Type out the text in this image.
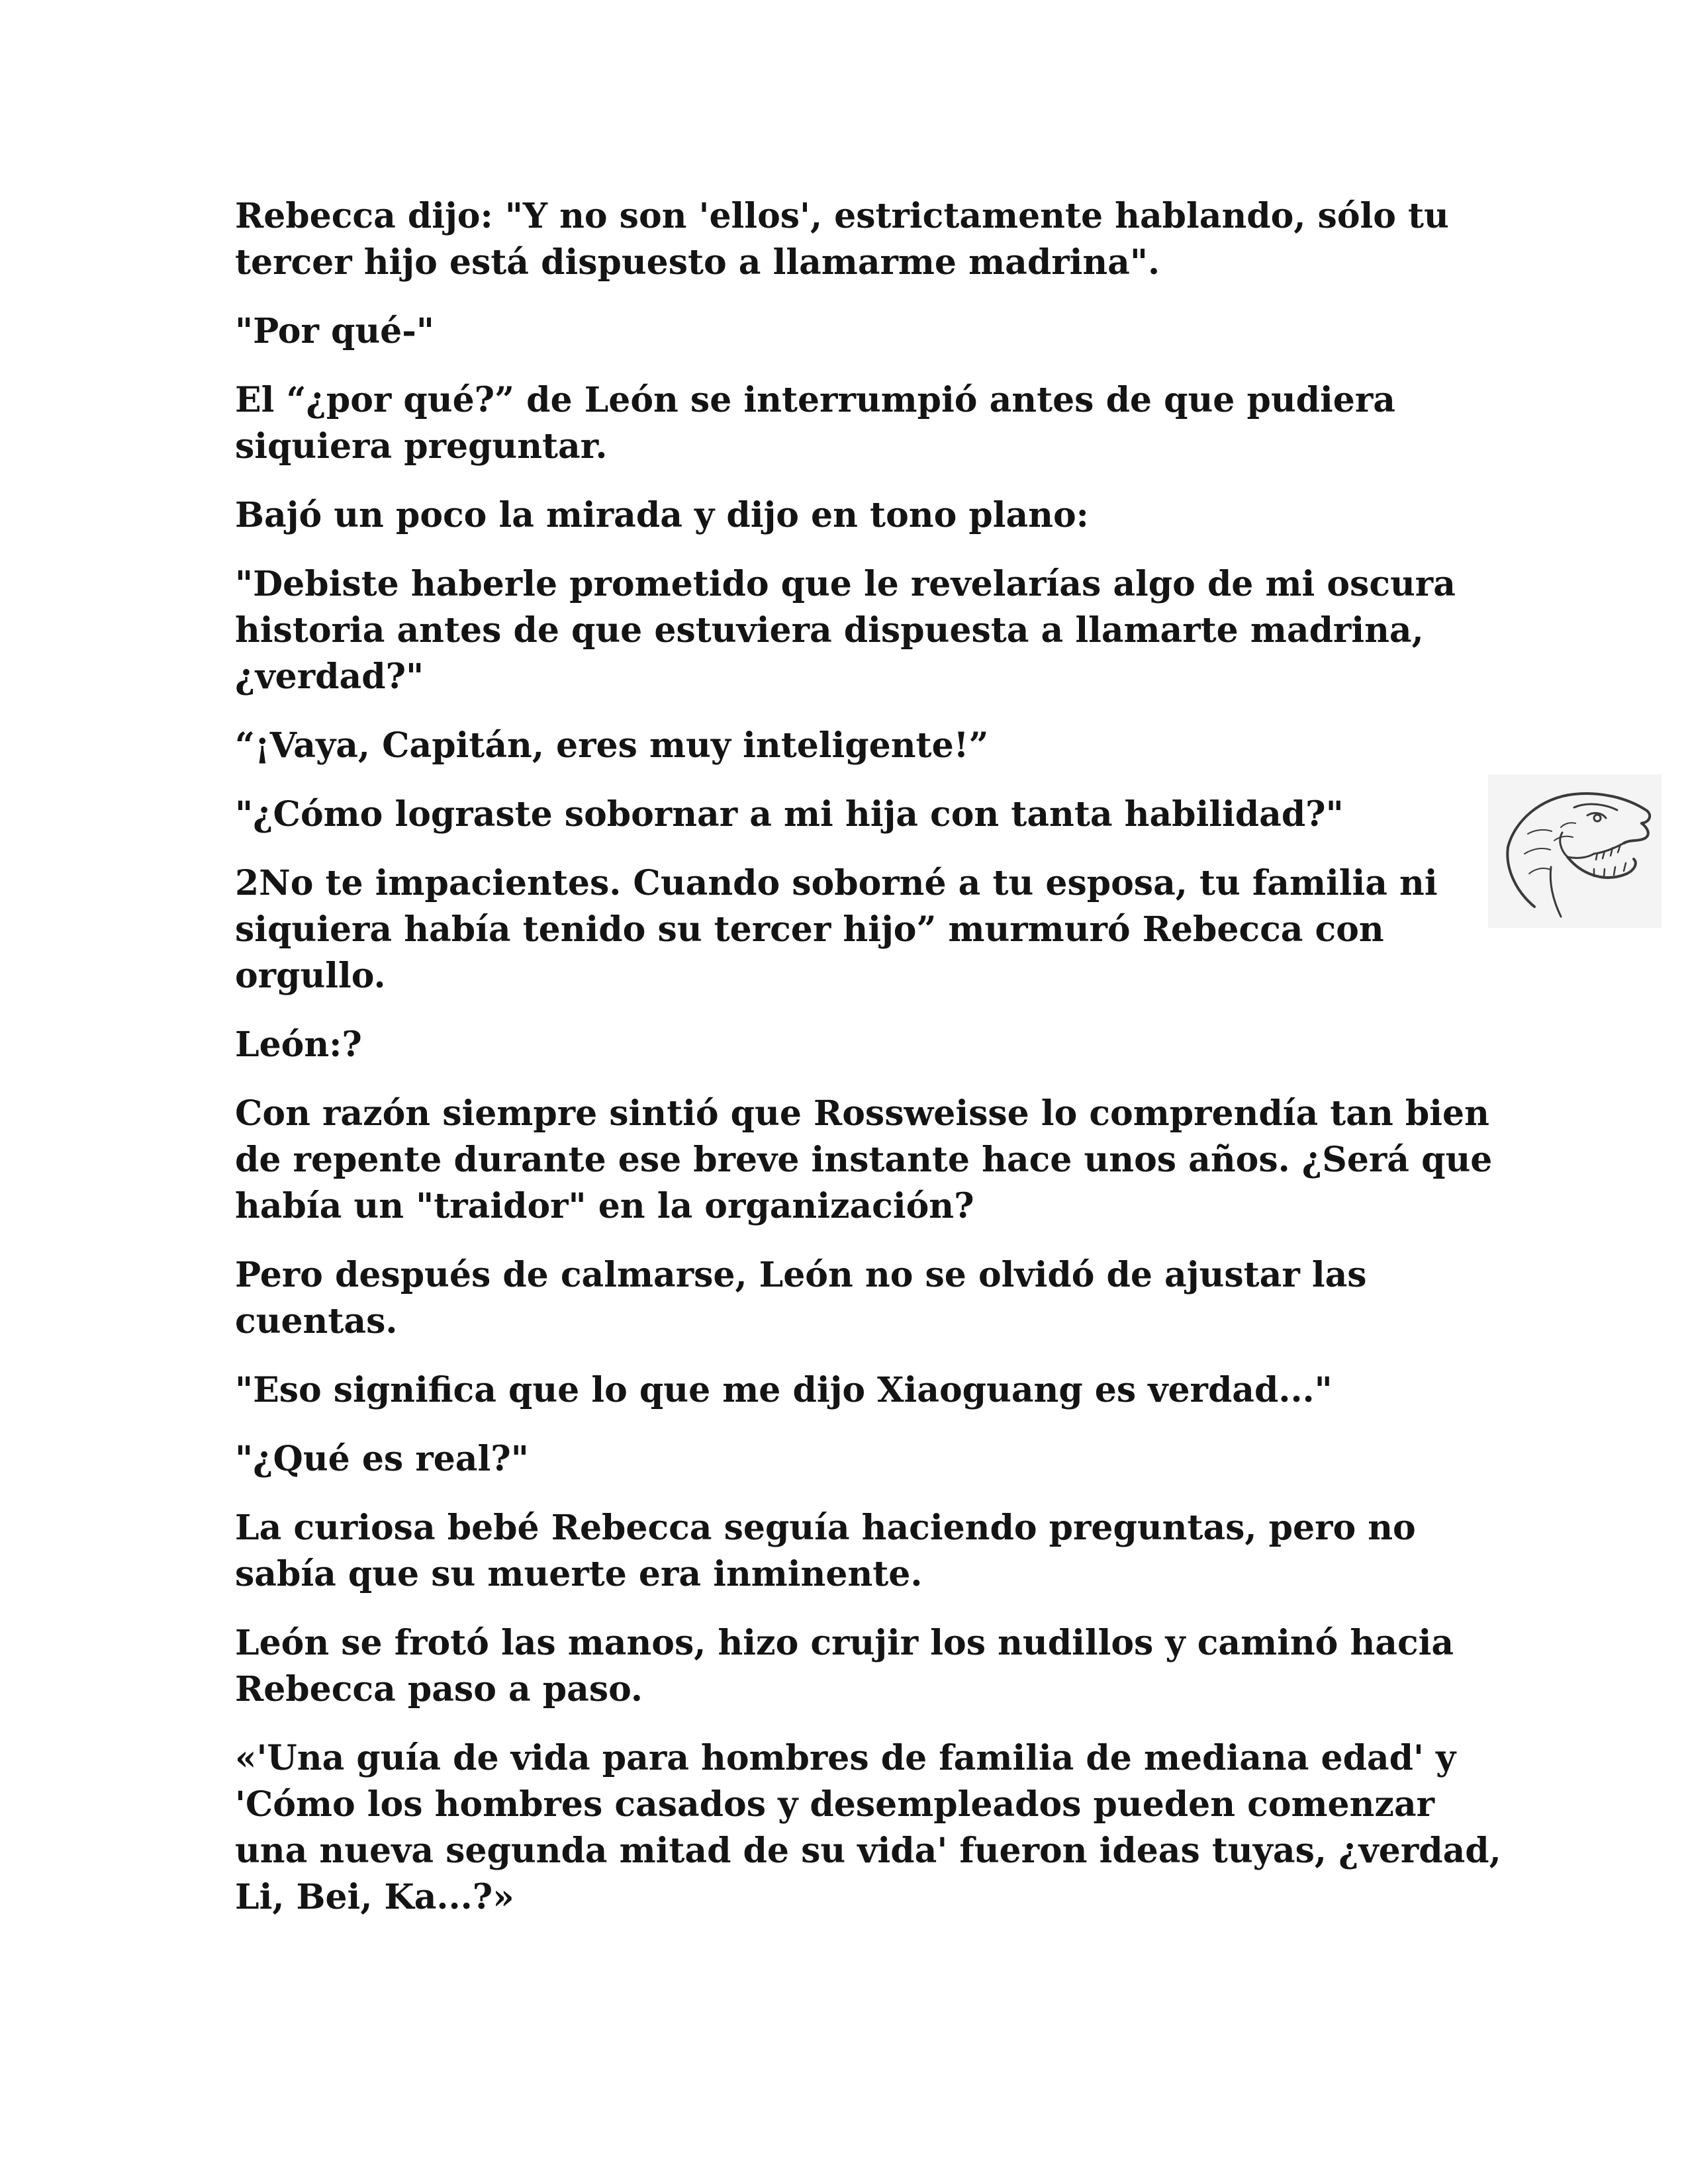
Rebecca dijo: "Y no son 'ellos', estrictamente hablando, sólo tu tercer hijo está dispuesto a llamarme madrina".

"Por qué-"

El “¿por qué?” de León se interrumpió antes de que pudiera siquiera preguntar.

Bajó un poco la mirada y dijo en tono plano:

"Debiste haberle prometido que le revelarías algo de mi oscura historia antes de que estuviera dispuesta a llamarte madrina, ¿verdad?"

“¡Vaya, Capitán, eres muy inteligente!”

"¿Cómo lograste sobornar a mi hija con tanta habilidad?"

2No te impacientes. Cuando soborné a tu esposa, tu familia ni siquiera había tenido su tercer hijo” murmuró Rebecca con orgullo.

León:?

Con razón siempre sintió que Rossweisse lo comprendía tan bien de repente durante ese breve instante hace unos años. ¿Será que había un "traidor" en la organización?

Pero después de calmarse, León no se olvidó de ajustar las cuentas.

"Eso significa que lo que me dijo Xiaoguang es verdad..."

"¿Qué es real?"

La curiosa bebé Rebecca seguía haciendo preguntas, pero no sabía que su muerte era inminente.

León se frotó las manos, hizo crujir los nudillos y caminó hacia Rebecca paso a paso.

«'Una guía de vida para hombres de familia de mediana edad' y 'Cómo los hombres casados y desempleados pueden comenzar una nueva segunda mitad de su vida' fueron ideas tuyas, ¿verdad, Li, Bei, Ka...?»
